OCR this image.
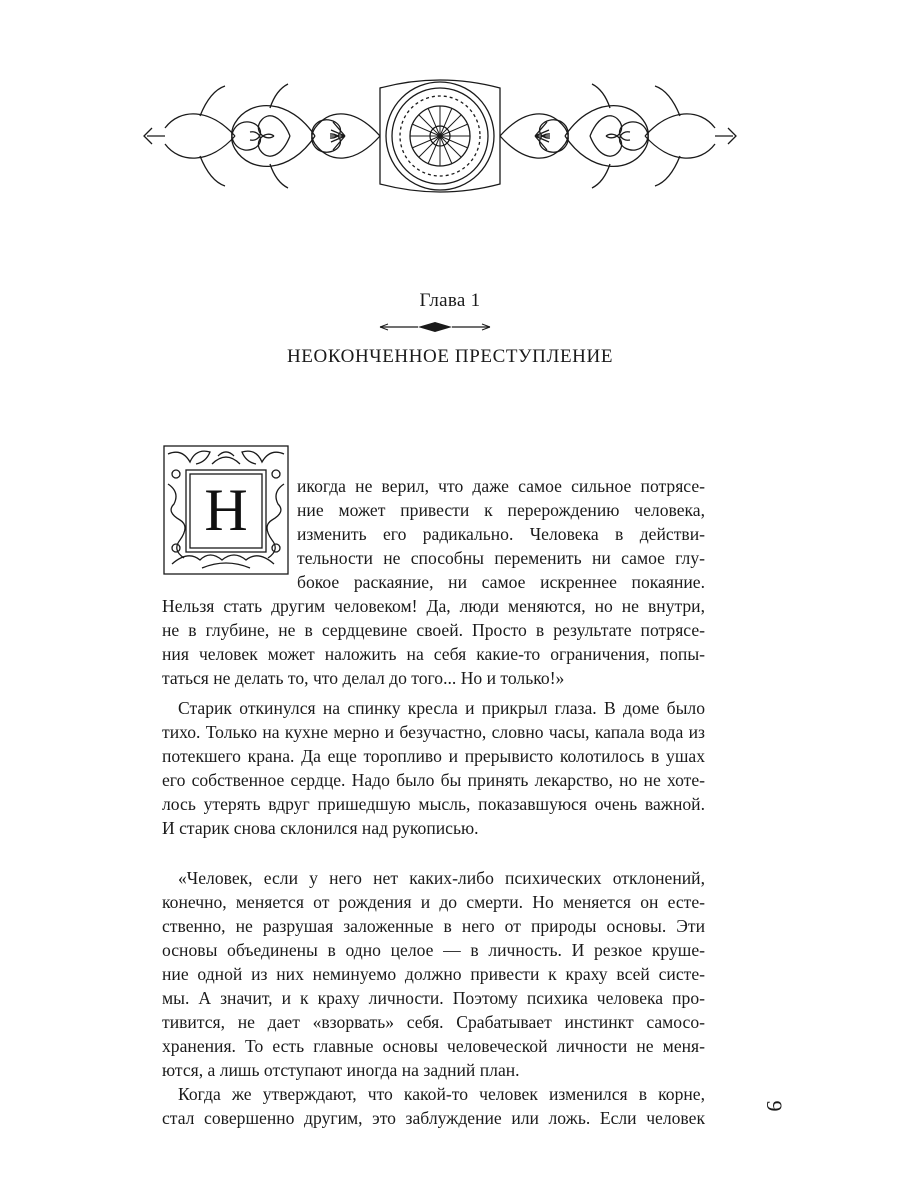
Глава 1
НЕОКОНЧЕННОЕ ПРЕСТУПЛЕНИЕ
Н	икогда не верил, что даже самое сильное потрясе-
ние может привести к перерождению человека,
изменить его радикально. Человека в действи-
тельности не способны переменить ни самое глу-
бокое раскаяние, ни самое искреннее покаяние.
Нельзя стать другим человеком! Да, люди меняются, но не внутри,
не в глубине, не в сердцевине своей. Просто в результате потрясе-
ния человек может наложить на себя какие-то ограничения, попы-
таться не делать то, что делал до того... Но и только!»
Старик откинулся на спинку кресла и прикрыл глаза. В доме было
тихо. Только на кухне мерно и безучастно, словно часы, капала вода из
потекшего крана. Да еще торопливо и прерывисто колотилось в ушах
его собственное сердце. Надо было бы принять лекарство, но не хоте-
лось утерять вдруг пришедшую мысль, показавшуюся очень важной.
И старик снова склонился над рукописью.
«Человек, если у него нет каких-либо психических отклонений,
конечно, меняется от рождения и до смерти. Но меняется он есте-
ственно, не разрушая заложенные в него от природы основы. Эти
основы объединены в одно целое — в личность. И резкое круше-
ние одной из них неминуемо должно привести к краху всей систе-
мы. А значит, и к краху личности. Поэтому психика человека про-
тивится, не дает «взорвать» себя. Срабатывает инстинкт самосо-
хранения. То есть главные основы человеческой личности не меня-
ются, а лишь отступают иногда на задний план.
Когда же утверждают, что какой-то человек изменился в корне,
стал совершенно другим, это заблуждение или ложь. Если человек
9
